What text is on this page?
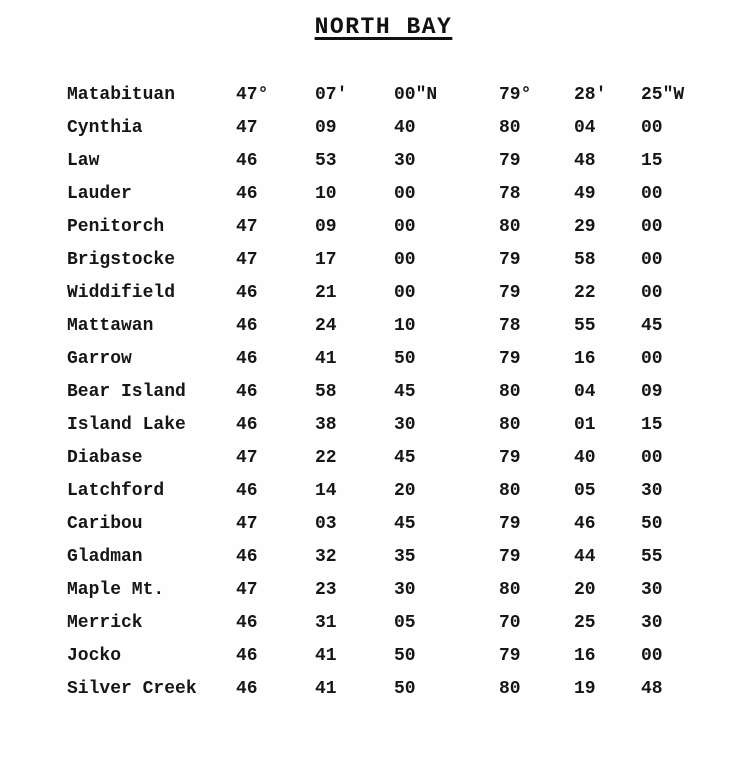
NORTH BAY
Matabituan	47°	07'	00"N	79°	28'	25"W
Cynthia	47	09	40	80	04	00
Law	46	53	30	79	48	15
Lauder	46	10	00	78	49	00
Penitorch	47	09	00	80	29	00
Brigstocke	47	17	00	79	58	00
Widdifield	46	21	00	79	22	00
Mattawan	46	24	10	78	55	45
Garrow	46	41	50	79	16	00
Bear Island	46	58	45	80	04	09
Island Lake	46	38	30	80	01	15
Diabase	47	22	45	79	40	00
Latchford	46	14	20	80	05	30
Caribou	47	03	45	79	46	50
Gladman	46	32	35	79	44	55
Maple Mt.	47	23	30	80	20	30
Merrick	46	31	05	70	25	30
Jocko	46	41	50	79	16	00
Silver Creek	46	41	50	80	19	48
